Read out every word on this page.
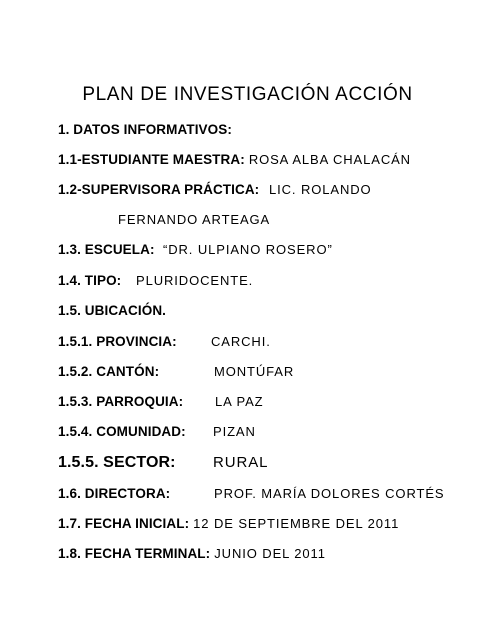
PLAN DE INVESTIGACIÓN ACCIÓN
1. DATOS INFORMATIVOS:
1.1-ESTUDIANTE MAESTRA: ROSA ALBA CHALACÁN
1.2-SUPERVISORA PRÁCTICA: LIC. ROLANDO
FERNANDO ARTEAGA
1.3. ESCUELA: “DR. ULPIANO ROSERO”
1.4. TIPO: PLURIDOCENTE.
1.5. UBICACIÓN.
1.5.1. PROVINCIA:	CARCHI.
1.5.2. CANTÓN:	MONTÚFAR
1.5.3. PARROQUIA: LA PAZ
1.5.4. COMUNIDAD: PIZAN
1.5.5. SECTOR: RURAL
1.6. DIRECTORA:	PROF. MARÍA DOLORES CORTÉS
1.7. FECHA INICIAL: 12 DE SEPTIEMBRE DEL 2011
1.8. FECHA TERMINAL: JUNIO DEL 2011
